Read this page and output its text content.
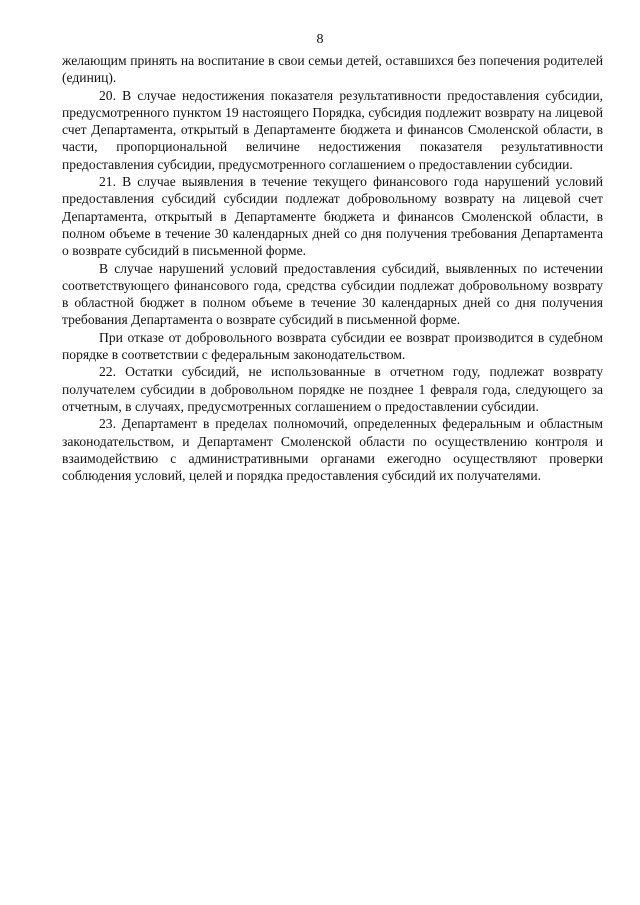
8

желающим принять на воспитание в свои семьи детей, оставшихся без попечения родителей (единиц).

20. В случае недостижения показателя результативности предоставления субсидии, предусмотренного пунктом 19 настоящего Порядка, субсидия подлежит возврату на лицевой счет Департамента, открытый в Департаменте бюджета и финансов Смоленской области, в части, пропорциональной величине недостижения показателя результативности предоставления субсидии, предусмотренного соглашением о предоставлении субсидии.

21. В случае выявления в течение текущего финансового года нарушений условий предоставления субсидий субсидии подлежат добровольному возврату на лицевой счет Департамента, открытый в Департаменте бюджета и финансов Смоленской области, в полном объеме в течение 30 календарных дней со дня получения требования Департамента о возврате субсидий в письменной форме.

В случае нарушений условий предоставления субсидий, выявленных по истечении соответствующего финансового года, средства субсидии подлежат добровольному возврату в областной бюджет в полном объеме в течение 30 календарных дней со дня получения требования Департамента о возврате субсидий в письменной форме.

При отказе от добровольного возврата субсидии ее возврат производится в судебном порядке в соответствии с федеральным законодательством.

22. Остатки субсидий, не использованные в отчетном году, подлежат возврату получателем субсидии в добровольном порядке не позднее 1 февраля года, следующего за отчетным, в случаях, предусмотренных соглашением о предоставлении субсидии.

23. Департамент в пределах полномочий, определенных федеральным и областным законодательством, и Департамент Смоленской области по осуществлению контроля и взаимодействию с административными органами ежегодно осуществляют проверки соблюдения условий, целей и порядка предоставления субсидий их получателями.
